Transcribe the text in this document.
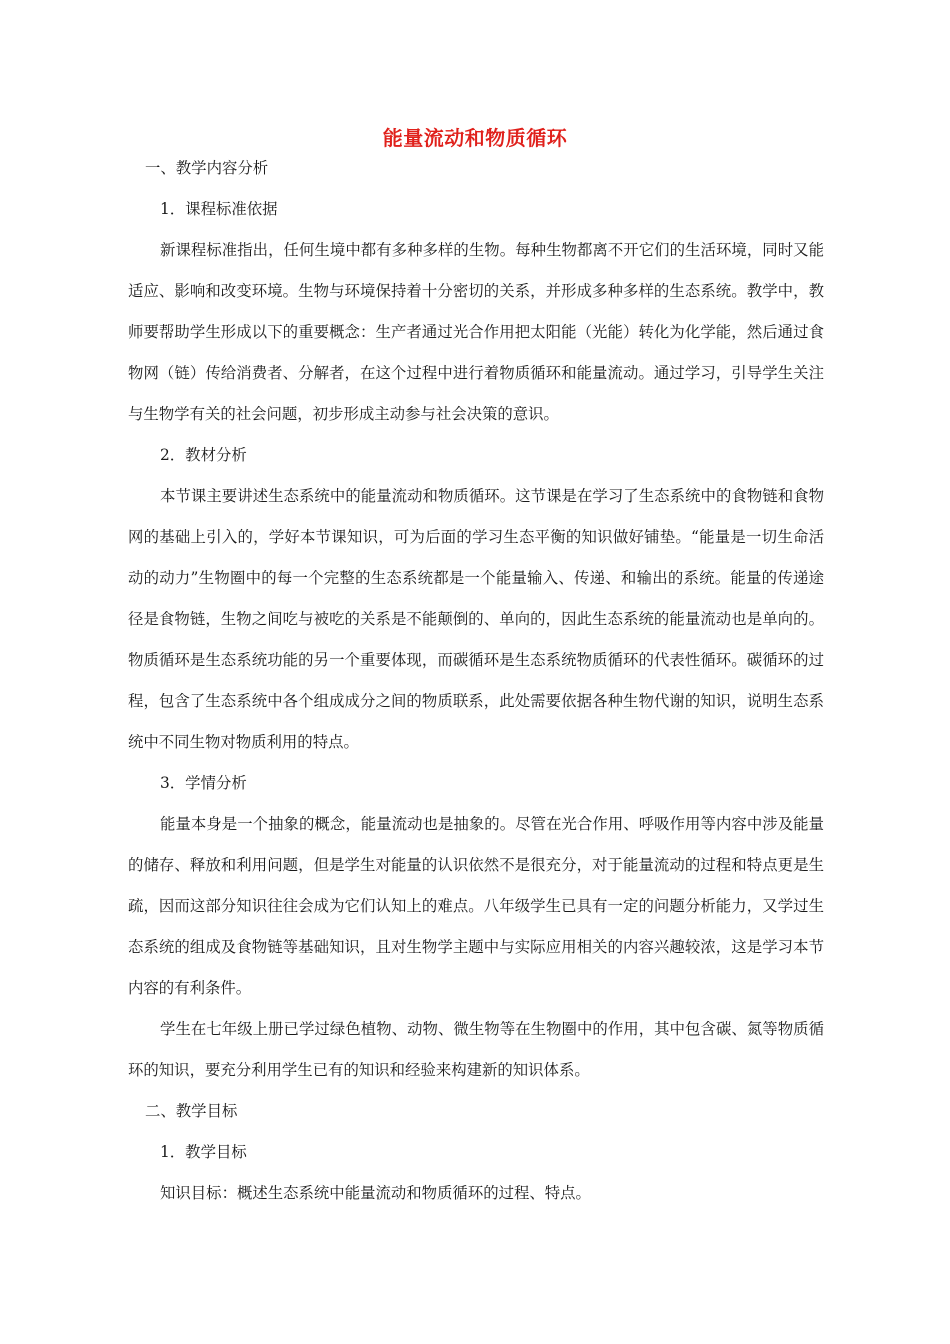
能量流动和物质循环

一、教学内容分析

1．课程标准依据

新课程标准指出，任何生境中都有多种多样的生物。每种生物都离不开它们的生活环境，同时又能适应、影响和改变环境。生物与环境保持着十分密切的关系，并形成多种多样的生态系统。教学中，教师要帮助学生形成以下的重要概念：生产者通过光合作用把太阳能（光能）转化为化学能，然后通过食物网（链）传给消费者、分解者，在这个过程中进行着物质循环和能量流动。通过学习，引导学生关注与生物学有关的社会问题，初步形成主动参与社会决策的意识。

2．教材分析

本节课主要讲述生态系统中的能量流动和物质循环。这节课是在学习了生态系统中的食物链和食物网的基础上引入的，学好本节课知识，可为后面的学习生态平衡的知识做好铺垫。“能量是一切生命活动的动力”生物圈中的每一个完整的生态系统都是一个能量输入、传递、和输出的系统。能量的传递途径是食物链，生物之间吃与被吃的关系是不能颠倒的、单向的，因此生态系统的能量流动也是单向的。物质循环是生态系统功能的另一个重要体现，而碳循环是生态系统物质循环的代表性循环。碳循环的过程，包含了生态系统中各个组成成分之间的物质联系，此处需要依据各种生物代谢的知识，说明生态系统中不同生物对物质利用的特点。

3．学情分析

能量本身是一个抽象的概念，能量流动也是抽象的。尽管在光合作用、呼吸作用等内容中涉及能量的储存、释放和利用问题，但是学生对能量的认识依然不是很充分，对于能量流动的过程和特点更是生疏，因而这部分知识往往会成为它们认知上的难点。八年级学生已具有一定的问题分析能力，又学过生态系统的组成及食物链等基础知识，且对生物学主题中与实际应用相关的内容兴趣较浓，这是学习本节内容的有利条件。

学生在七年级上册已学过绿色植物、动物、微生物等在生物圈中的作用，其中包含碳、氮等物质循环的知识，要充分利用学生已有的知识和经验来构建新的知识体系。

二、教学目标

1．教学目标

知识目标：概述生态系统中能量流动和物质循环的过程、特点。
